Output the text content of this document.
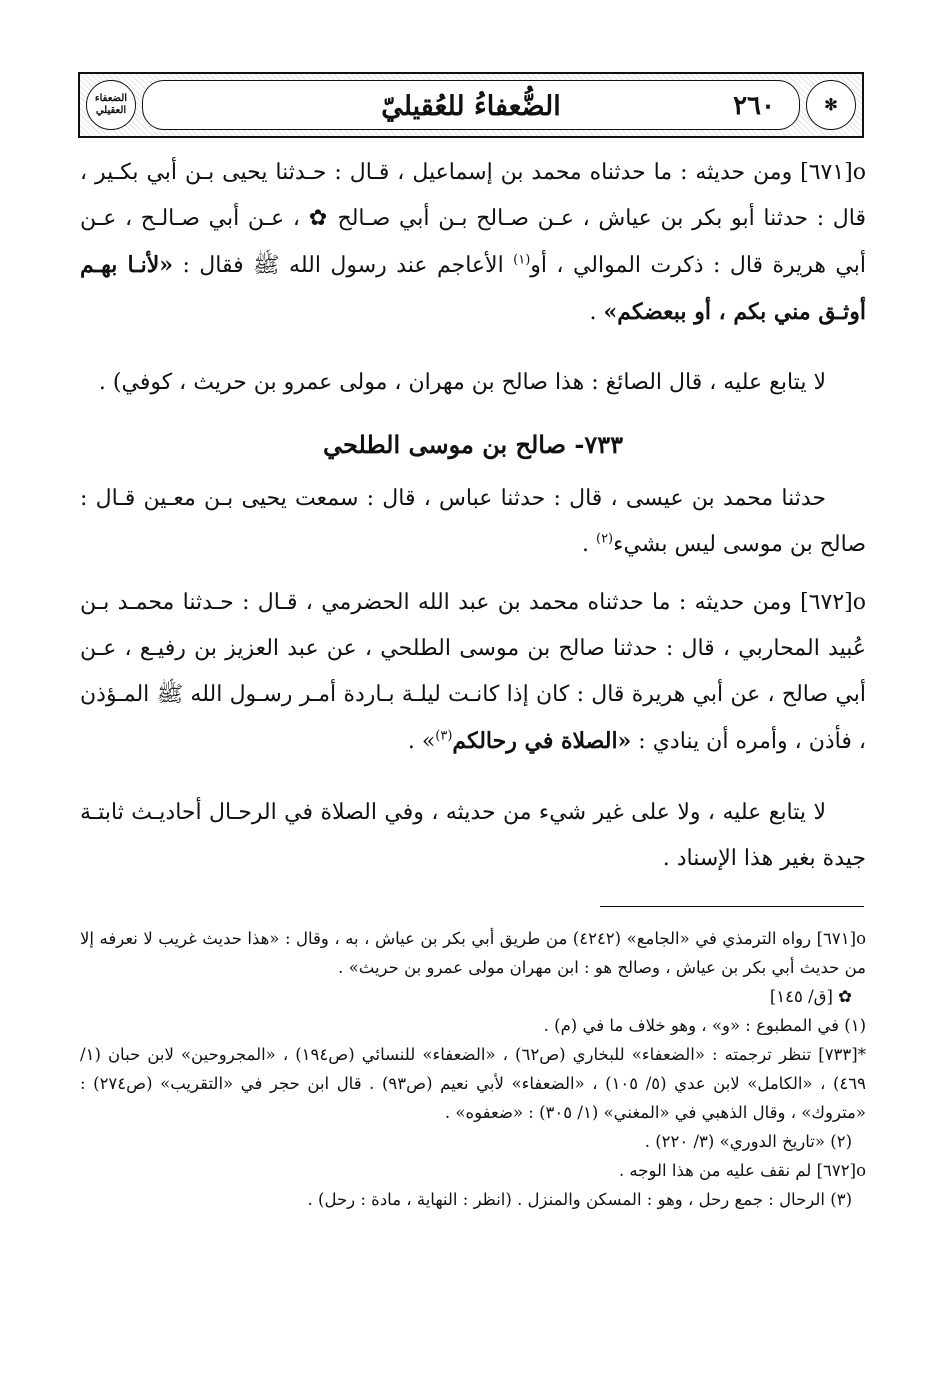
الضعفاء العقيلي	✻
الضُّعفاءُ للعُقيليّ	٢٦٠
o[٦٧١] ومن حديثه : ما حدثناه محمد بن إسماعيل ، قـال : حـدثنا يحيى بـن أبي بكـير ، قال : حدثنا أبو بكر بن عياش ، عـن صـالح بـن أبي صـالح ✿ ، عـن أبي صـالـح ، عـن أبي هريرة قال : ذكرت الموالي ، أو$^{(١)}$ الأعاجم عند رسول الله ﷺ فقال : «لأنـا بهـم أوثـق مني بكم ، أو ببعضكم» .
لا يتابع عليه ، قال الصائغ : هذا صالح بن مهران ، مولى عمرو بن حريث ، كوفي) .
٧٣٣- صالح بن موسى الطلحي
حدثنا محمد بن عيسى ، قال : حدثنا عباس ، قال : سمعت يحيى بـن معـين قـال : صالح بن موسى ليس بشيء$^{(٢)}$ .
o[٦٧٢] ومن حديثه : ما حدثناه محمد بن عبد الله الحضرمي ، قـال : حـدثنا محمـد بـن عُبيد المحاربي ، قال : حدثنا صالح بن موسى الطلحي ، عن عبد العزيز بن رفيـع ، عـن أبي صالح ، عن أبي هريرة قال : كان إذا كانـت ليلـة بـاردة أمـر رسـول الله ﷺ المـؤذن ، فأذن ، وأمره أن ينادي : «الصلاة في رحالكم$^{(٣)}$» .
لا يتابع عليه ، ولا على غير شيء من حديثه ، وفي الصلاة في الرحـال أحاديـث ثابتـة جيدة بغير هذا الإسناد .

o[٦٧١] رواه الترمذي في «الجامع» (٤٢٤٢) من طريق أبي بكر بن عياش ، به ، وقال : «هذا حديث غريب لا نعرفه إلا من حديث أبي بكر بن عياش ، وصالح هو : ابن مهران مولى عمرو بن حريث» .

✿ [ق/ ١٤٥]

(١) في المطبوع : «و» ، وهو خلاف ما في (م) .

*[٧٣٣] تنظر ترجمته : «الضعفاء» للبخاري (ص٦٢) ، «الضعفاء» للنسائي (ص١٩٤) ، «المجروحين» لابن حبان (١/ ٤٦٩) ، «الكامل» لابن عدي (٥/ ١٠٥) ، «الضعفاء» لأبي نعيم (ص٩٣) . قال ابن حجر في «التقريب» (ص٢٧٤) : «متروك» ، وقال الذهبي في «المغني» (١/ ٣٠٥) : «ضعفوه» .

(٢) «تاريخ الدوري» (٣/ ٢٢٠) .

o[٦٧٢] لم نقف عليه من هذا الوجه .

(٣) الرحال : جمع رحل ، وهو : المسكن والمنزل . (انظر : النهاية ، مادة : رحل) .
